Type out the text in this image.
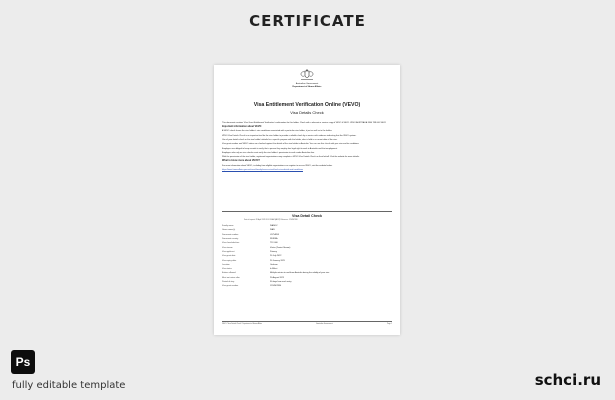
CERTIFICATE
Australian Government
Department of Home Affairs
Visa Entitlement Verification Online (VEVO)
Visa Details Check

This document contains 'Visa Grant Entitlement Verification' confirmation for this holder. Check with a relevant or service copy of VEVO if VEVO. VEVO AUSTRALIA 1800 788 000 VEVO

Important information about VEVO

A VEVO check shows the visa holder's visa conditions associated with a particular visa holder, it just as well as to the holder.

VEVO Visa Details Check is an important tool for the visa holder to provide a reliable check by a service with evidence indicating that the VEVO system.

Use of your details check or the visa holder's details for a specific purpose with the holder, who is held in a current date of the visa.

Visa grant number and VEVO status are checked against the details of the visa holder in Australia. You can use this check with your visa and its conditions.

Employers are obliged to keep records to verify that a person they employ has legal right to work in Australia and that employment.

Employers who rely on visa checks must verify the visa holder's permission to work under Australian law.

With the permission of the visa holder, registered organisations may complete a VEVO Visa Details Check on their behalf. Visit the website for more details.

What to know more about VEVO?

For more information about VEVO, including how eligible organisations can register to access VEVO, visit the website below.

https://immi.homeaffairs.gov.au/visas/already-have-a-visa/check-visa-details-and-conditions

Visa Detail Check
Date of request: 28 April 2023 09:52:36 AM (AEST) Reference: 1234567890
Family name	IVANOV
Given name(s)	IVAN
Document number	L9754658
Document country	RUSSIA
Visa class/subclass	TR / 600
Visa stream	Visitor (Tourist Stream)
Visa applicant	Primary
Visa grant date	20 July 2022
Visa expiry date	20 January 2025
Location	Onshore
Visa status	In Effect
Entries allowed	Multiple entries to and from Australia during the validity of your visa
Must not arrive after	20 August 2023
Period of stay	90 days from each entry
Visa grant number	1234567890
VEVO / Visa Details Check / Department of Home Affairs	Australian Government	Page 1
Ps
fully editable template	schci.ru
